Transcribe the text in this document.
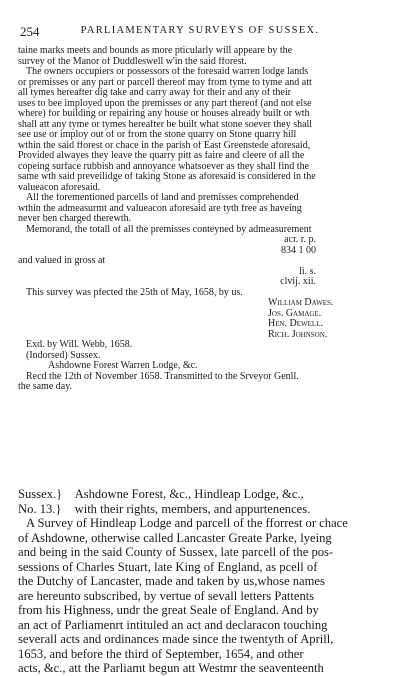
254	PARLIAMENTARY SURVEYS OF SUSSEX.
taine marks meets and bounds as more pticularly will appeare by the
survey of the Manor of Duddleswell w'in the said fforest.
The owners occupiers or possessors of the foresaid warren lodge lands
or premisses or any part or parcell thereof may from tyme to tyme and att
all tymes hereafter dig take and carry away for their and any of their
uses to bee imployed upon the premisses or any part thereof (and not else
where) for building or repairing any house or houses already built or wth
shall att any tyme or tymes hereafter be built what stone soever they shall
see use or imploy out of or from the stone quarry on Stone quarry hill
wthin the said fforest or chace in the parish of East Greenstede aforesaid,
Provided alwayes they leave the quarry pitt as faire and cleere of all the
copeing surface rubbish and annoyance whatsoever as they shall find the
same wth said preveilidge of taking Stone as aforesaid is considered in the
valueacon aforesaid.
All the forementioned parcells of land and premisses comprehended
wthin the admeasurmt and valueacon aforesaid are tyth free as haveing
never ben charged therewth.
Memorand, the totall of all the premisses conteyned by admeasurement
acr. r. p.
834 1 00
and valued in gross at
li. s.
clvij. xii.
This survey was pfected the 25th of May, 1658, by us.
William Dawes.
Jos. Gamage.
Hen. Dewell.
Rich. Johnson.
Exd. by Will. Webb, 1658.
(Indorsed) Sussex.
Ashdowne Forest Warren Lodge, &c.
Recd the 12th of November 1658. Transmitted to the Srveyor Genll.
the same day.
Sussex.} Ashdowne Forest, &c., Hindleap Lodge, &c.,
No. 13.} with their rights, members, and appurtenences.
A Survey of Hindleap Lodge and parcell of the fforrest or chace
of Ashdowne, otherwise called Lancaster Greate Parke, lyeing
and being in the said County of Sussex, late parcell of the pos-
sessions of Charles Stuart, late King of England, as pcell of
the Dutchy of Lancaster, made and taken by us,whose names
are hereunto subscribed, by vertue of sevall letters Pattents
from his Highness, undr the great Seale of England. And by
an act of Parliamenrt intituled an act and declaracon touching
severall acts and ordinances made since the twentyth of Aprill,
1653, and before the third of September, 1654, and other
acts, &c., att the Parliamt begun att Westmr the seaventeenth
